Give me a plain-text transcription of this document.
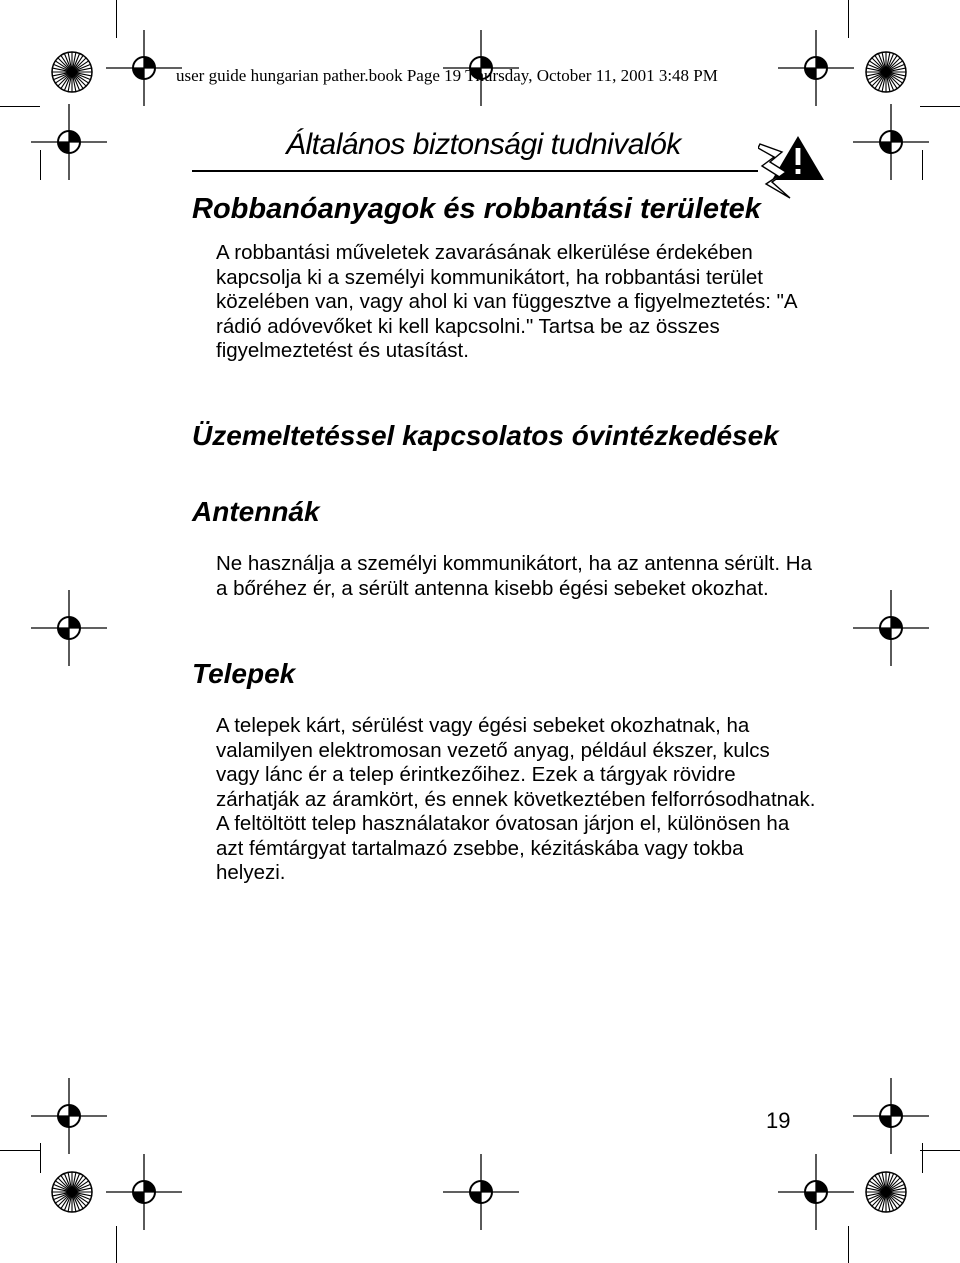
user guide hungarian pather.book Page 19 Thursday, October 11, 2001 3:48 PM
Általános biztonsági tudnivalók
Robbanóanyagok és robbantási területek

A robbantási műveletek zavarásának elkerülése érdekében kapcsolja ki a személyi kommunikátort, ha robbantási terület közelében van, vagy ahol ki van függesztve a figyelmeztetés: "A rádió adóvevőket ki kell kapcsolni." Tartsa be az összes figyelmeztetést és utasítást.

Üzemeltetéssel kapcsolatos óvintézkedések
Antennák

Ne használja a személyi kommunikátort, ha az antenna sérült. Ha a bőréhez ér, a sérült antenna kisebb égési sebeket okozhat.

Telepek

A telepek kárt, sérülést vagy égési sebeket okozhatnak, ha valamilyen elektromosan vezető anyag, például ékszer, kulcs vagy lánc ér a telep érintkezőihez. Ezek a tárgyak rövidre zárhatják az áramkört, és ennek következtében felforrósodhatnak. A feltöltött telep használatakor óvatosan járjon el, különösen ha azt fémtárgyat tartalmazó zsebbe, kézitáskába vagy tokba helyezi.

19
